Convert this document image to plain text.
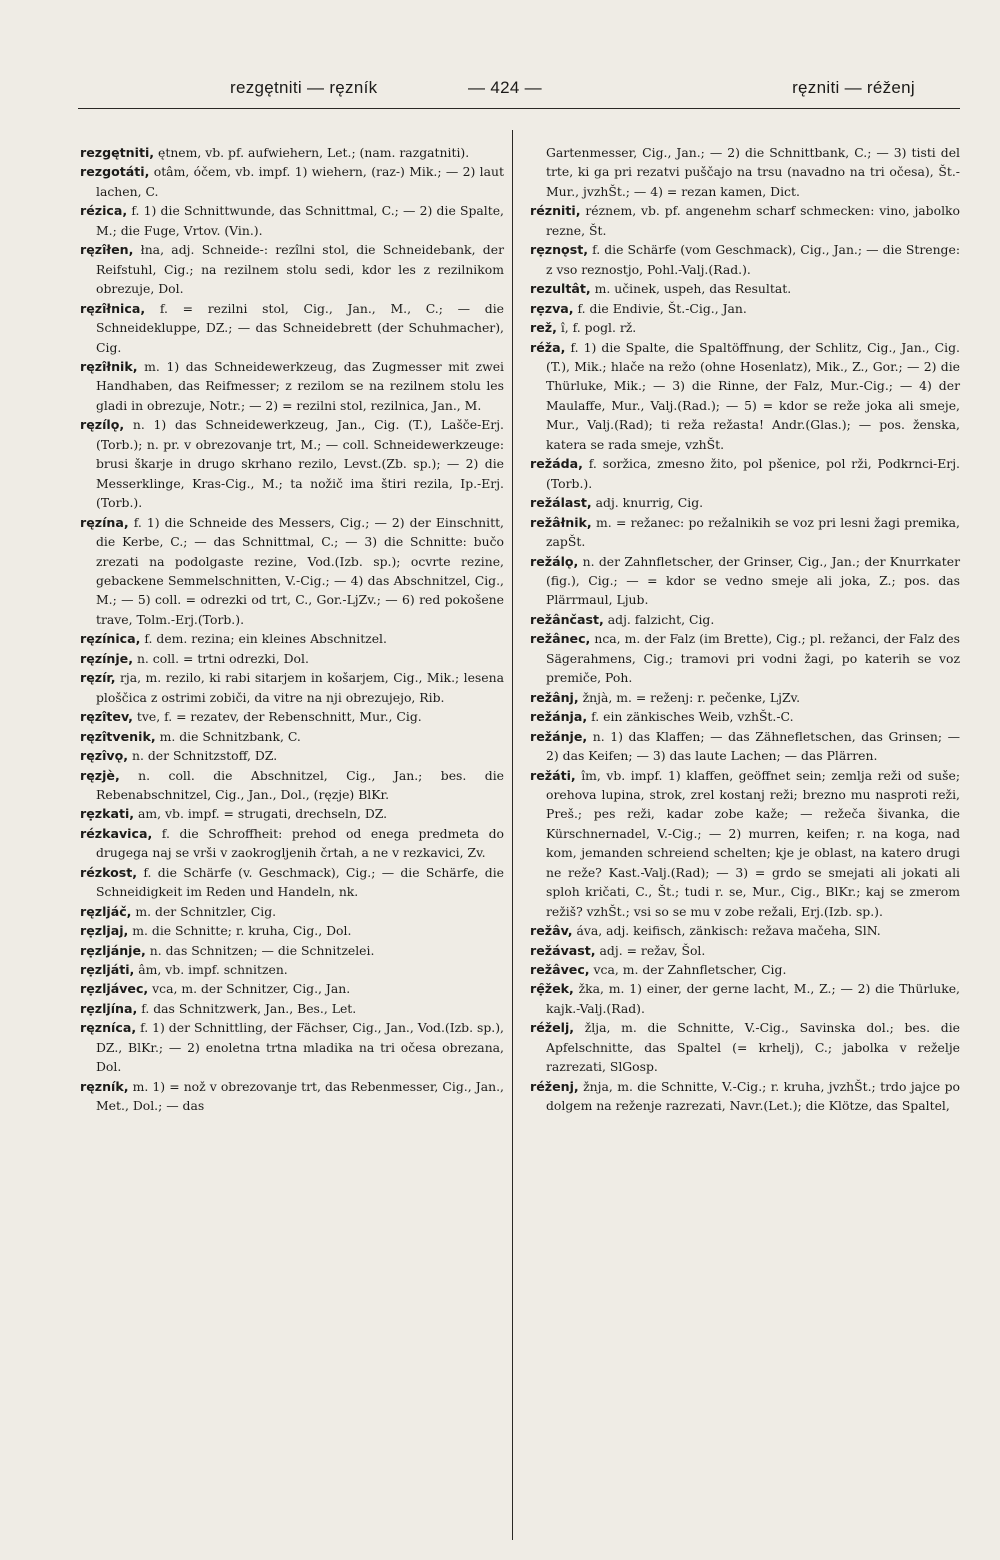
rezgętniti — ręzník	— 424 —	ręzniti — réženj

rezgętniti, ętnem, vb. pf. aufwiehern, Let.; (nam. razgatniti).

rezgotáti, otâm, óčem, vb. impf. 1) wiehern, (raz-) Mik.; — 2) laut lachen, C.

rézica, f. 1) die Schnittwunde, das Schnittmal, C.; — 2) die Spalte, M.; die Fuge, Vrtov. (Vin.).

ręzîłen, łna, adj. Schneide-: rezîlni stol, die Schneidebank, der Reifstuhl, Cig.; na rezilnem stolu sedi, kdor les z rezilnikom obrezuje, Dol.

ręzîłnica, f. = rezilni stol, Cig., Jan., M., C.; — die Schneidekluppe, DZ.; — das Schneidebrett (der Schuhmacher), Cig.

ręzîłnik, m. 1) das Schneidewerkzeug, das Zugmesser mit zwei Handhaben, das Reifmesser; z rezilom se na rezilnem stolu les gladi in obrezuje, Notr.; — 2) = rezilni stol, rezilnica, Jan., M.

ręzílǫ, n. 1) das Schneidewerkzeug, Jan., Cig. (T.), Lašče-Erj.(Torb.); n. pr. v obrezovanje trt, M.; — coll. Schneidewerkzeuge: brusi škarje in drugo skrhano rezilo, Levst.(Zb. sp.); — 2) die Messerklinge, Kras-Cig., M.; ta nožič ima štiri rezila, Ip.-Erj.(Torb.).

ręzína, f. 1) die Schneide des Messers, Cig.; — 2) der Einschnitt, die Kerbe, C.; — das Schnittmal, C.; — 3) die Schnitte: bučo zrezati na podolgaste rezine, Vod.(Izb. sp.); ocvrte rezine, gebackene Semmelschnitten, V.-Cig.; — 4) das Abschnitzel, Cig., M.; — 5) coll. = odrezki od trt, C., Gor.-LjZv.; — 6) red pokošene trave, Tolm.-Erj.(Torb.).

ręzínica, f. dem. rezina; ein kleines Abschnitzel.

ręzínje, n. coll. = trtni odrezki, Dol.

ręzír, rja, m. rezilo, ki rabi sitarjem in košarjem, Cig., Mik.; lesena ploščica z ostrimi zobiči, da vitre na nji obrezujejo, Rib.

ręzîtev, tve, f. = rezatev, der Rebenschnitt, Mur., Cig.

ręzîtvenik, m. die Schnitzbank, C.

ręzîvǫ, n. der Schnitzstoff, DZ.

ręzjè, n. coll. die Abschnitzel, Cig., Jan.; bes. die Rebenabschnitzel, Cig., Jan., Dol., (ręzje) BlKr.

rẹzkati, am, vb. impf. = strugati, drechseln, DZ.

rézkavica, f. die Schroffheit: prehod od enega predmeta do drugega naj se vrši v zaokrogljenih črtah, a ne v rezkavici, Zv.

rézkost, f. die Schärfe (v. Geschmack), Cig.; — die Schärfe, die Schneidigkeit im Reden und Handeln, nk.

ręzljáč, m. der Schnitzler, Cig.

rẹzljaj, m. die Schnitte; r. kruha, Cig., Dol.

rẹzljánje, n. das Schnitzen; — die Schnitzelei.

rẹzljáti, âm, vb. impf. schnitzen.

rẹzljávec, vca, m. der Schnitzer, Cig., Jan.

rẹzljínа, f. das Schnitzwerk, Jan., Bes., Let.

ręzníca, f. 1) der Schnittling, der Fächser, Cig., Jan., Vod.(Izb. sp.), DZ., BlKr.; — 2) enoletna trtna mladika na tri očesa obrezana, Dol.

ręzník, m. 1) = nož v obrezovanje trt, das Rebenmesser, Cig., Jan., Met., Dol.; — das

Gartenmesser, Cig., Jan.; — 2) die Schnittbank, C.; — 3) tisti del trte, ki ga pri rezatvi puščajo na trsu (navadno na tri očesa), Št.-Mur., jvzhŠt.; — 4) = rezan kamen, Dict.

rézniti, réznem, vb. pf. angenehm scharf schmecken: vino, jabolko rezne, Št.

rẹznǫst, f. die Schärfe (vom Geschmack), Cig., Jan.; — die Strenge: z vso reznostjo, Pohl.-Valj.(Rad.).

rezultât, m. učinek, uspeh, das Resultat.

rẹzva, f. die Endivie, Št.-Cig., Jan.

rež, î, f. pogl. rž.

réža, f. 1) die Spalte, die Spaltöffnung, der Schlitz, Cig., Jan., Cig.(T.), Mik.; hlače na režo (ohne Hosenlatz), Mik., Z., Gor.; — 2) die Thürluke, Mik.; — 3) die Rinne, der Falz, Mur.-Cig.; — 4) der Maulaffe, Mur., Valj.(Rad.); — 5) = kdor se reže joka ali smeje, Mur., Valj.(Rad); ti reža režasta! Andr.(Glas.); — pos. ženska, katera se rada smeje, vzhŠt.

režáda, f. soržica, zmesno žito, pol pšenice, pol rži, Podkrnci-Erj.(Torb.).

režálast, adj. knurrig, Cig.

režâłnik, m. = režanec: po režalnikih se voz pri lesni žagi premika, zapŠt.

režálǫ, n. der Zahnfletscher, der Grinser, Cig., Jan.; der Knurrkater (fig.), Cig.; — = kdor se vedno smeje ali joka, Z.; pos. das Plärrmaul, Ljub.

režânčast, adj. falzicht, Cig.

režânec, nca, m. der Falz (im Brette), Cig.; pl. režanci, der Falz des Sägerahmens, Cig.; tramovi pri vodni žagi, po katerih se voz premiče, Poh.

režânj, žnjà, m. = reženj: r. pečenke, LjZv.

režánja, f. ein zänkisches Weib, vzhŠt.-C.

režánje, n. 1) das Klaffen; — das Zähnefletschen, das Grinsen; — 2) das Keifen; — 3) das laute Lachen; — das Plärren.

režáti, îm, vb. impf. 1) klaffen, geöffnet sein; zemlja reži od suše; orehova lupina, strok, zrel kostanj reži; brezno mu nasproti reži, Preš.; pes reži, kadar zobe kaže; — režeča šivanka, die Kürschnernadel, V.-Cig.; — 2) murren, keifen; r. na koga, nad kom, jemanden schreiend schelten; kje je oblast, na katero drugi ne reže? Kast.-Valj.(Rad); — 3) = grdo se smejati ali jokati ali sploh kričati, C., Št.; tudi r. se, Mur., Cig., BlKr.; kaj se zmerom režiš? vzhŠt.; vsi so se mu v zobe režali, Erj.(Izb. sp.).

režâv, áva, adj. keifisch, zänkisch: režava mačeha, SlN.

režávast, adj. = režav, Šol.

režâvec, vca, m. der Zahnfletscher, Cig.

rẹ̑žek, žka, m. 1) einer, der gerne lacht, M., Z.; — 2) die Thürluke, kajk.-Valj.(Rad).

réželj, žlja, m. die Schnitte, V.-Cig., Savinska dol.; bes. die Apfelschnitte, das Spaltel (= krhelj), C.; jabolka v reželje razrezati, SlGosp.

réženj, žnja, m. die Schnitte, V.-Cig.; r. kruha, jvzhŠt.; trdo jajce po dolgem na reženje razrezati, Navr.(Let.); die Klötze, das Spaltel,
